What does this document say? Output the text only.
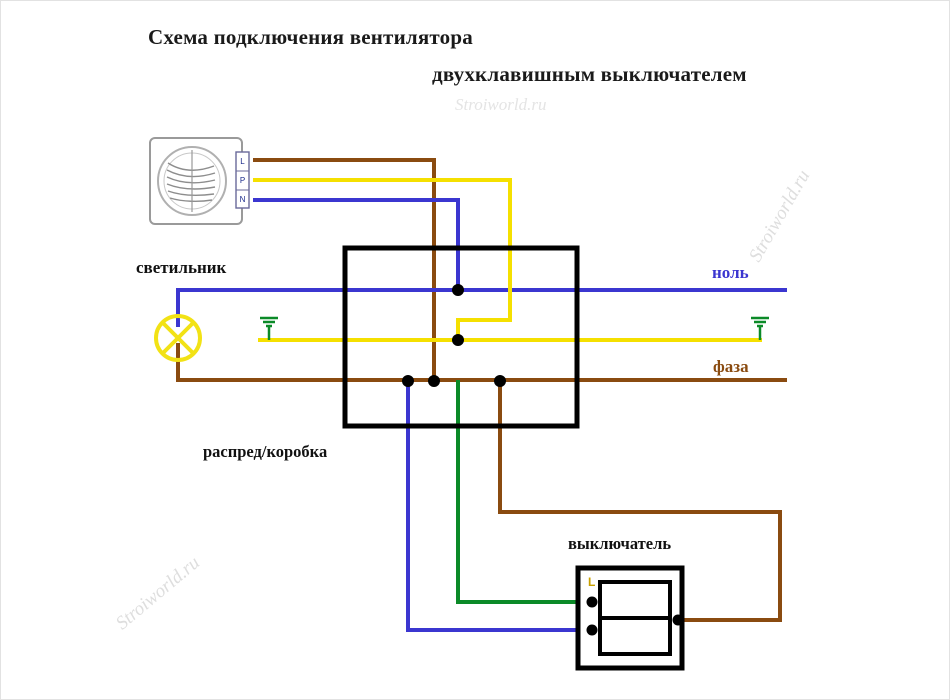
Схема подключения вентилятора
двухклавишным выключателем
Stroiworld.ru
L
P
N
L
светильник	ноль
фаза
распред/коробка
выключатель
Stroiworld.ru
Stroiworld.ru
